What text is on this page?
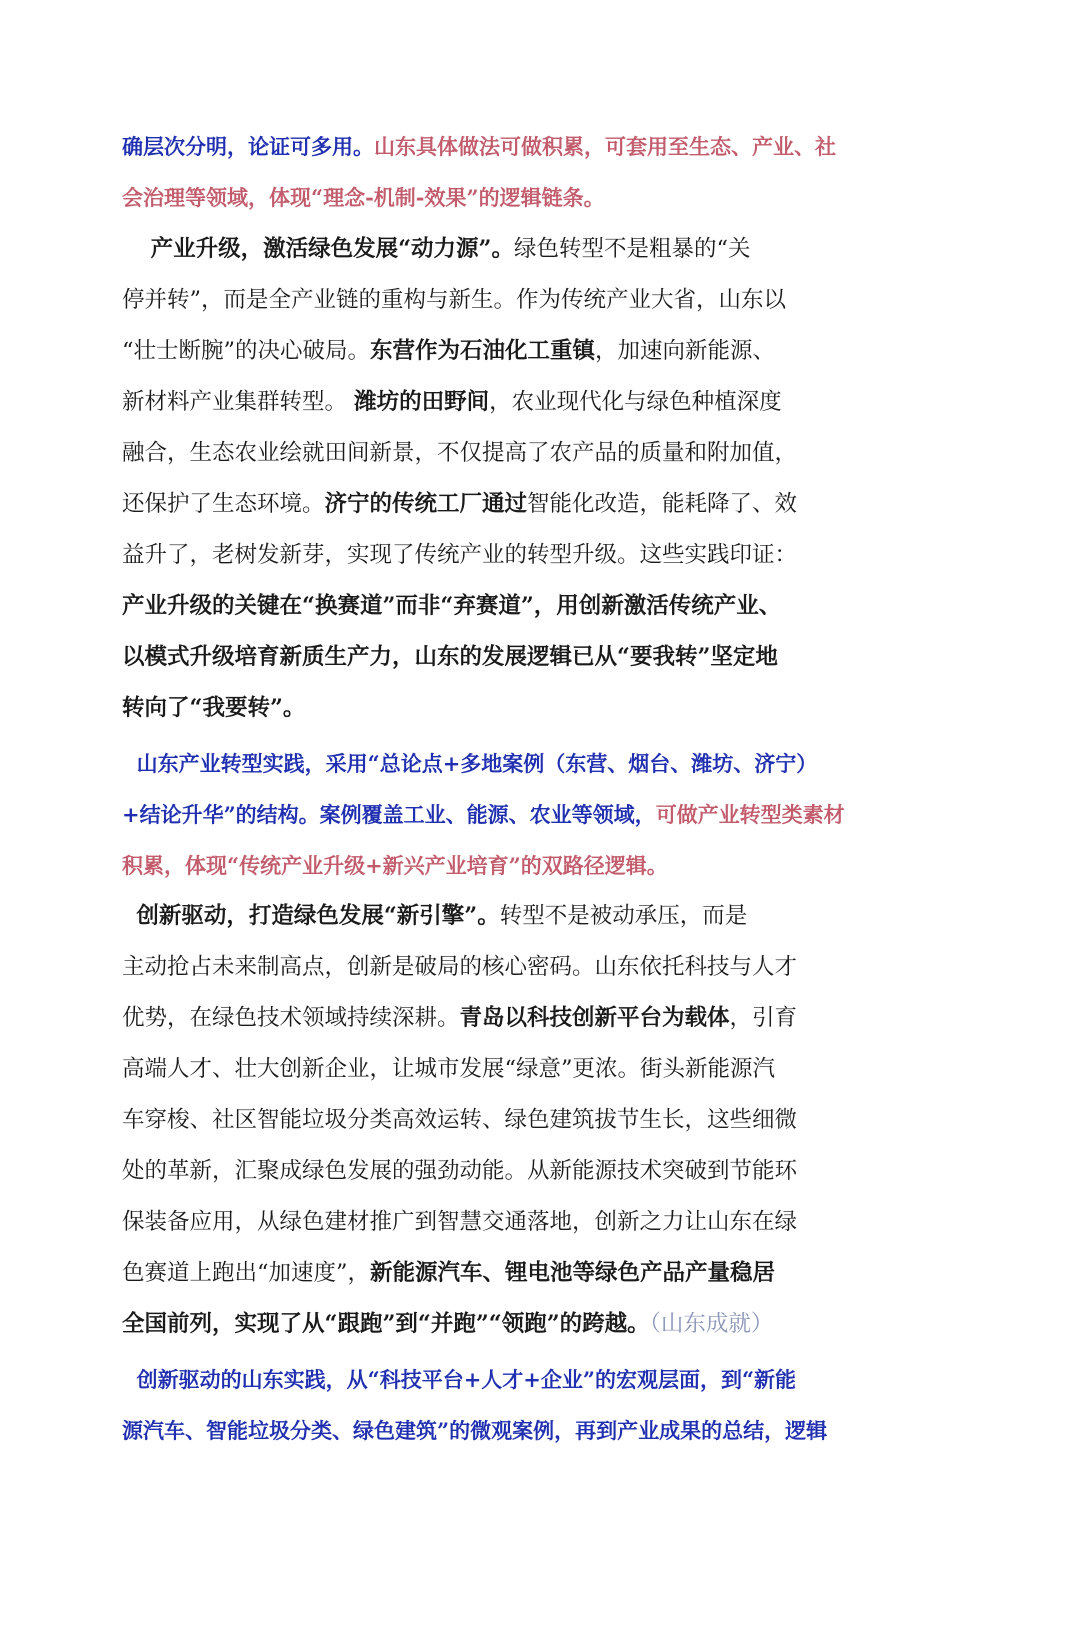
确层次分明，论证可多用。山东具体做法可做积累，可套用至生态、产业、社
会治理等领域，体现“理念-机制-效果”的逻辑链条。
产业升级，激活绿色发展“动力源”。绿色转型不是粗暴的“关
停并转”，而是全产业链的重构与新生。作为传统产业大省，山东以
“壮士断腕”的决心破局。东营作为石油化工重镇，加速向新能源、
新材料产业集群转型。 潍坊的田野间，农业现代化与绿色种植深度
融合，生态农业绘就田间新景，不仅提高了农产品的质量和附加值，
还保护了生态环境。济宁的传统工厂通过智能化改造，能耗降了、效
益升了，老树发新芽，实现了传统产业的转型升级。这些实践印证：
产业升级的关键在“换赛道”而非“弃赛道”，用创新激活传统产业、
以模式升级培育新质生产力，山东的发展逻辑已从“要我转”坚定地
转向了“我要转”。
山东产业转型实践，采用“总论点+多地案例（东营、烟台、潍坊、济宁）
+结论升华”的结构。案例覆盖工业、能源、农业等领域，可做产业转型类素材
积累，体现“传统产业升级+新兴产业培育”的双路径逻辑。
创新驱动，打造绿色发展“新引擎”。转型不是被动承压，而是
主动抢占未来制高点，创新是破局的核心密码。山东依托科技与人才
优势，在绿色技术领域持续深耕。青岛以科技创新平台为载体，引育
高端人才、壮大创新企业，让城市发展“绿意”更浓。街头新能源汽
车穿梭、社区智能垃圾分类高效运转、绿色建筑拔节生长，这些细微
处的革新，汇聚成绿色发展的强劲动能。从新能源技术突破到节能环
保装备应用，从绿色建材推广到智慧交通落地，创新之力让山东在绿
色赛道上跑出“加速度”，新能源汽车、锂电池等绿色产品产量稳居
全国前列，实现了从“跟跑”到“并跑”“领跑”的跨越。（山东成就）
创新驱动的山东实践，从“科技平台+人才+企业”的宏观层面，到“新能
源汽车、智能垃圾分类、绿色建筑”的微观案例，再到产业成果的总结，逻辑
